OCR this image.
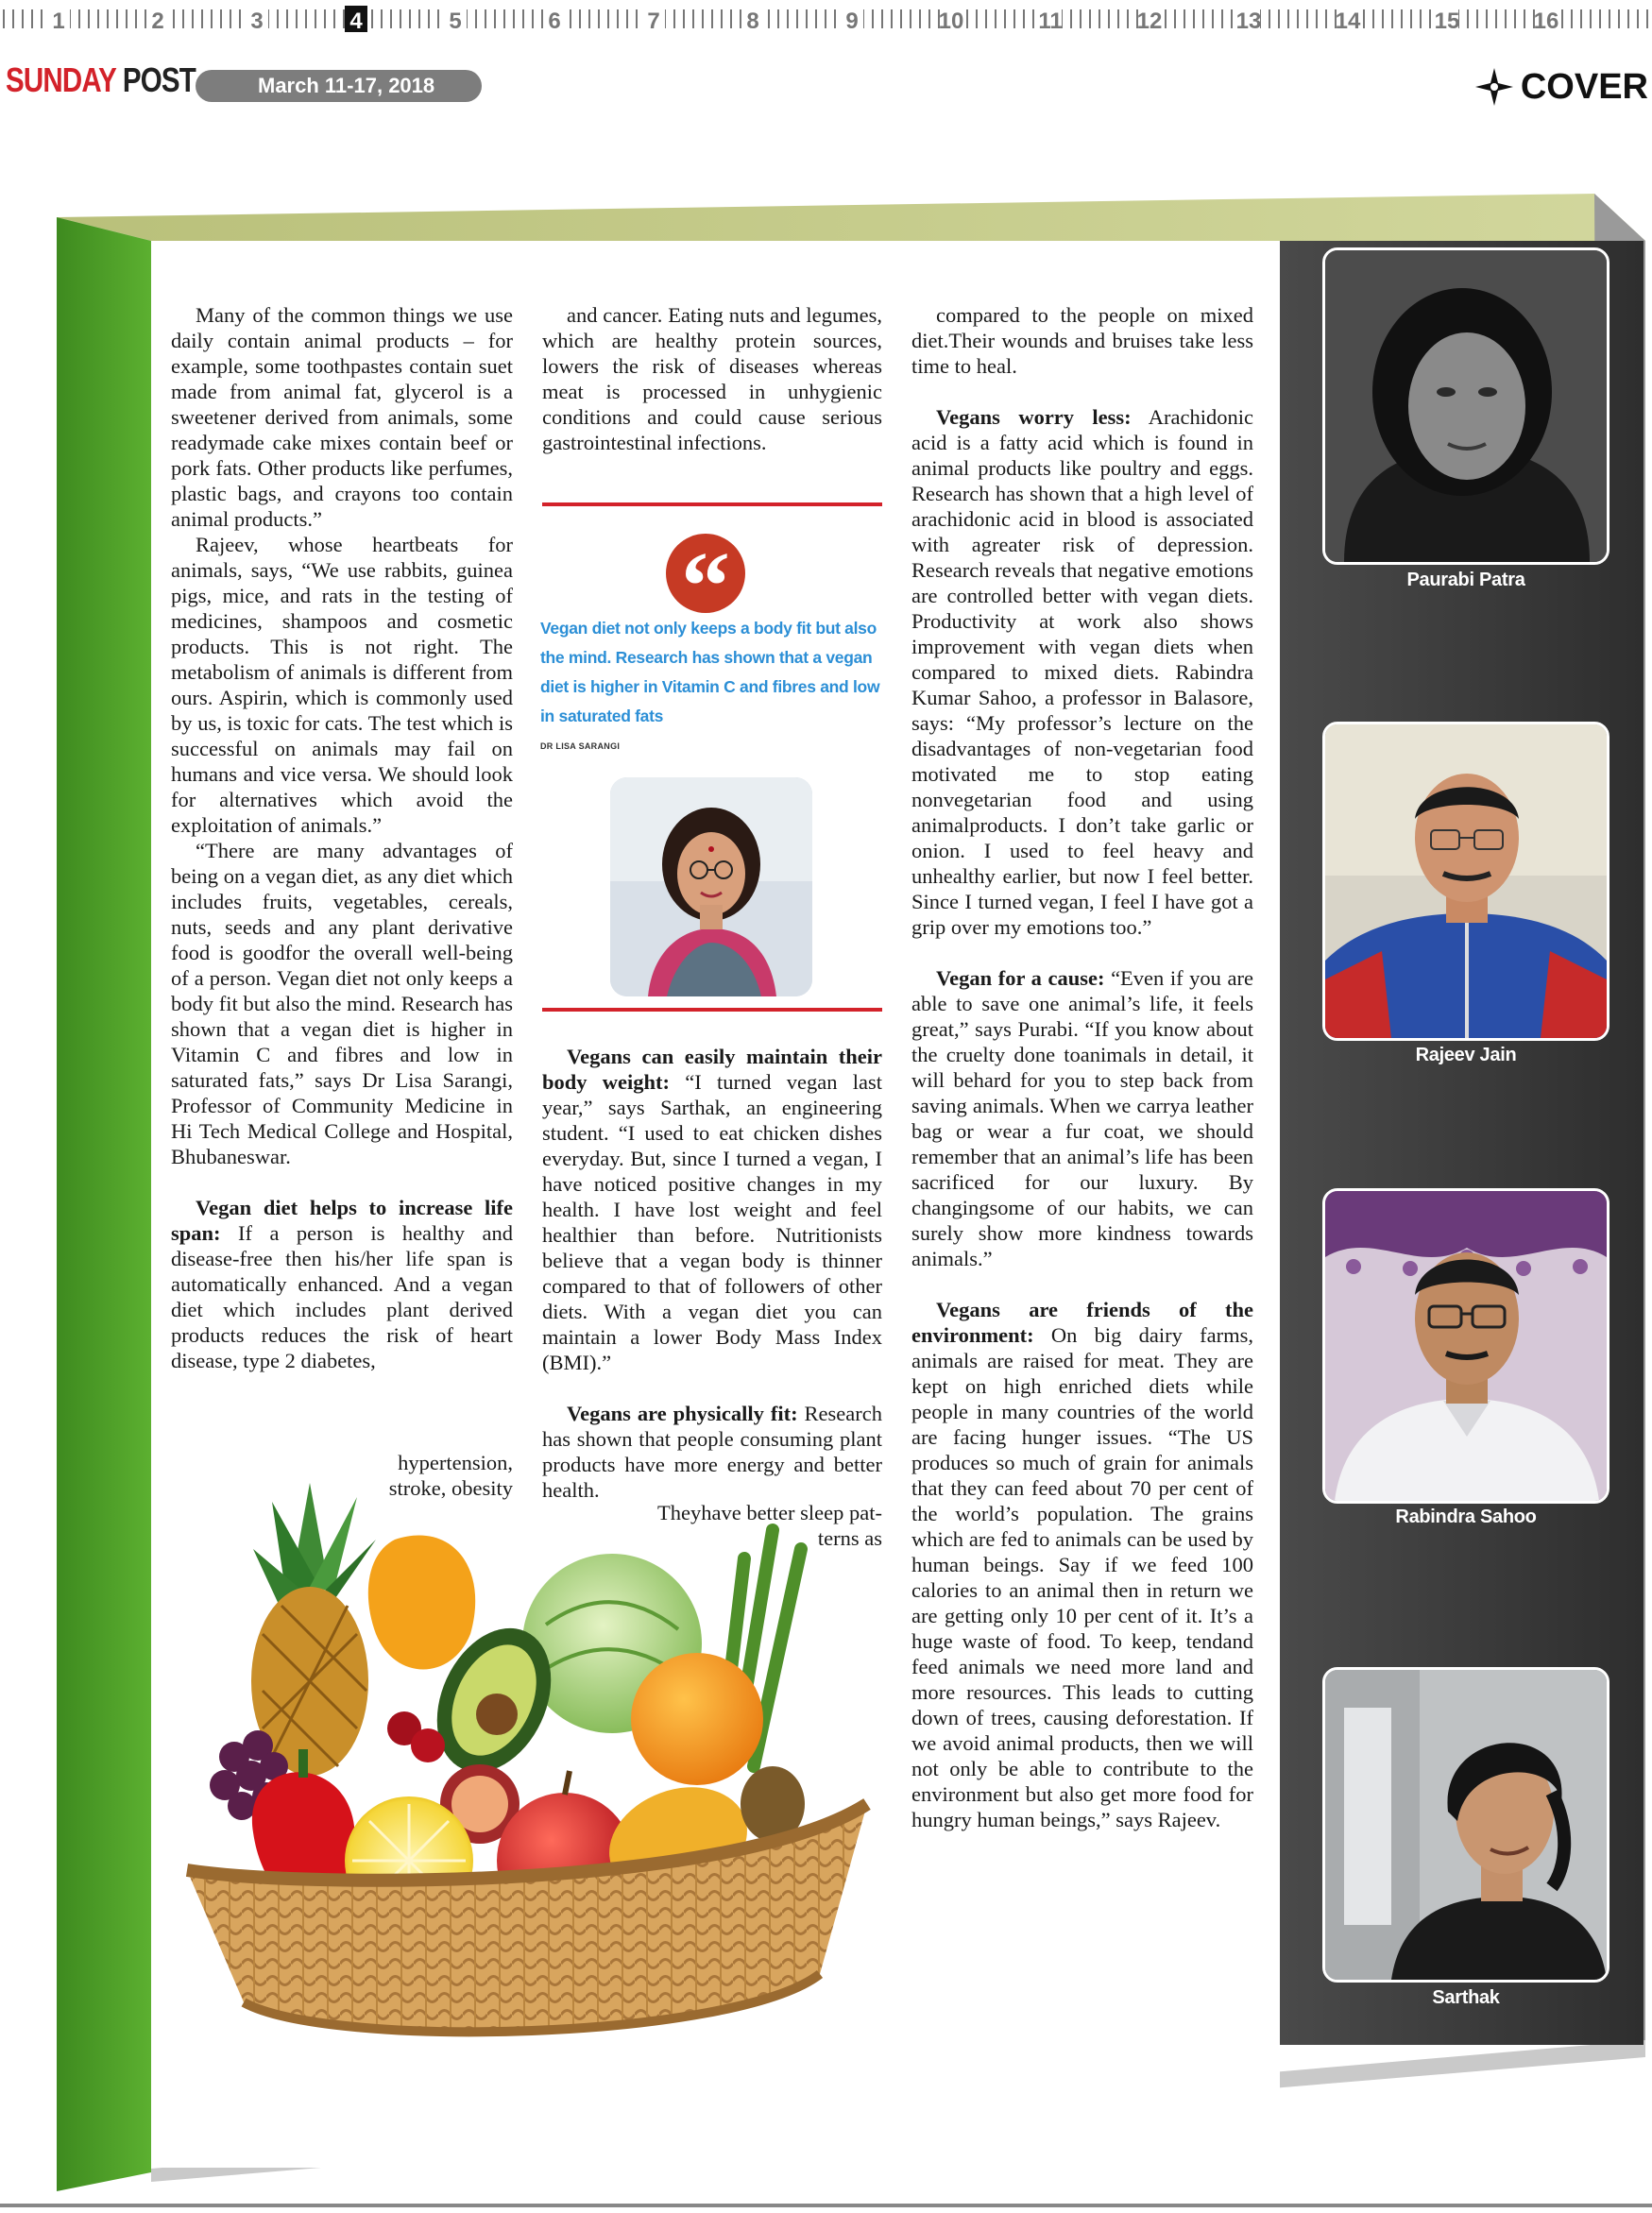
1	2	3	4	5	6	7	8	9	10	11	12	13	14	15	16
SUNDAY POST	March 11-17, 2018	COVER

Many of the common things we use daily contain animal products – for example, some toothpastes contain suet made from animal fat, glycerol is a sweetener derived from animals, some readymade cake mixes contain beef or pork fats. Other products like perfumes, plastic bags, and crayons too contain animal products.”

Rajeev, whose heartbeats for animals, says, “We use rabbits, guinea pigs, mice, and rats in the testing of medicines, shampoos and cosmetic products. This is not right. The metabolism of animals is different from ours. Aspirin, which is commonly used by us, is toxic for cats. The test which is successful on animals may fail on humans and vice versa. We should look for alternatives which avoid the exploitation of animals.”

“There are many advantages of being on a vegan diet, as any diet which includes fruits, vegetables, cereals, nuts, seeds and any plant derivative food is goodfor the overall well-being of a person. Vegan diet not only keeps a body fit but also the mind. Research has shown that a vegan diet is higher in Vitamin C and fibres and low in saturated fats,” says Dr Lisa Sarangi, Professor of Community Medicine in Hi Tech Medical College and Hospital, Bhubaneswar.

Vegan diet helps to increase life span: If a person is healthy and disease-free then his/her life span is automatically enhanced. And a vegan diet which includes plant derived products reduces the risk of heart disease, type 2 diabetes,

hypertension,
stroke, obesity

and cancer. Eating nuts and legumes, which are healthy protein sources, lowers the risk of diseases whereas meat is processed in unhygienic conditions and could cause serious gastrointestinal infections.

“
Vegan diet not only keeps a body fit but also the mind. Research has shown that a vegan diet is higher in Vitamin C and fibres and low in saturated fats
DR LISA SARANGI

Vegans can easily maintain their body weight: “I turned vegan last year,” says Sarthak, an engineering student. “I used to eat chicken dishes everyday. But, since I turned a vegan, I have noticed positive changes in my health. I have lost weight and feel healthier than before. Nutritionists believe that a vegan body is thinner compared to that of followers of other diets. With a vegan diet you can maintain a lower Body Mass Index (BMI).”

Vegans are physically fit: Research has shown that people consuming plant products have more energy and better health.

Theyhave better sleep pat-
terns as

compared to the people on mixed diet.Their wounds and bruises take less time to heal.

Vegans worry less: Arachidonic acid is a fatty acid which is found in animal products like poultry and eggs. Research has shown that a high level of arachidonic acid in blood is associated with agreater risk of depression. Research reveals that negative emotions are controlled better with vegan diets. Productivity at work also shows improvement with vegan diets when compared to mixed diets. Rabindra Kumar Sahoo, a professor in Balasore, says: “My professor’s lecture on the disadvantages of non-vegetarian food motivated me to stop eating nonvegetarian food and using animalproducts. I don’t take garlic or onion. I used to feel heavy and unhealthy earlier, but now I feel better. Since I turned vegan, I feel I have got a grip over my emotions too.”

Vegan for a cause: “Even if you are able to save one animal’s life, it feels great,” says Purabi. “If you know about the cruelty done toanimals in detail, it will behard for you to step back from saving animals. When we carrya leather bag or wear a fur coat, we should remember that an animal’s life has been sacrificed for our luxury. By changingsome of our habits, we can surely show more kindness towards animals.”

Vegans are friends of the environment: On big dairy farms, animals are raised for meat. They are kept on high enriched diets while people in many countries of the world are facing hunger issues. “The US produces so much of grain for animals that they can feed about 70 per cent of the world’s population. The grains which are fed to animals can be used by human beings. Say if we feed 100 calories to an animal then in return we are getting only 10 per cent of it. It’s a huge waste of food. To keep, tendand feed animals we need more land and more resources. This leads to cutting down of trees, causing deforestation. If we avoid animal products, then we will not only be able to contribute to the environment but also get more food for hungry human beings,” says Rajeev.

Paurabi Patra
Rajeev Jain
Rabindra Sahoo
Sarthak
